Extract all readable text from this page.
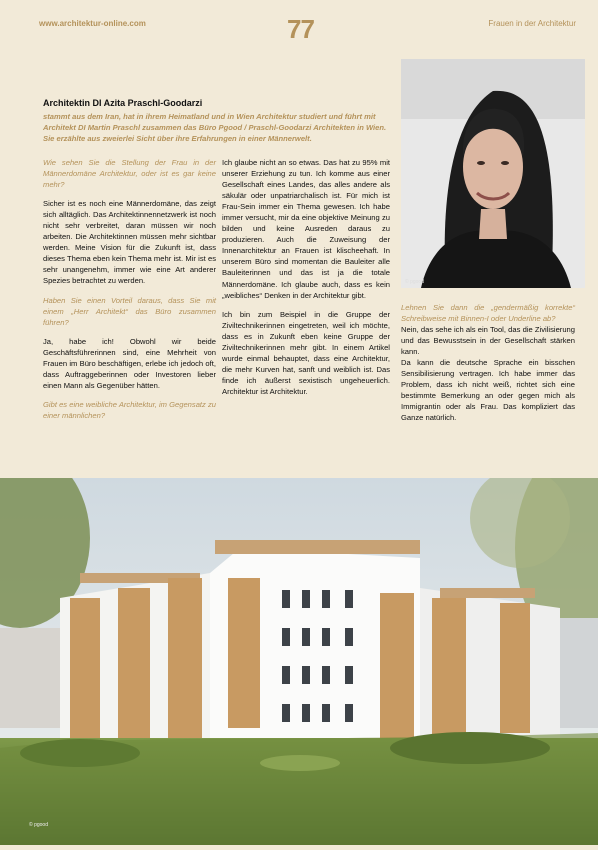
www.architektur-online.com	77	Frauen in der Architektur
© pgood
Architektin DI Azita Praschl-Goodarzi

stammt aus dem Iran, hat in ihrem Heimatland und in Wien Architektur studiert und führt mit Architekt DI Martin Praschl zusammen das Büro Pgood / Praschl-Goodarzi Architekten in Wien. Sie erzählte aus zweierlei Sicht über ihre Erfahrungen in einer Männerwelt.

Wie sehen Sie die Stellung der Frau in der Männerdomäne Architektur, oder ist es gar keine mehr?

Sicher ist es noch eine Männerdomäne, das zeigt sich alltäglich. Das Architektinnennetzwerk ist noch nicht sehr verbreitet, daran müssen wir noch arbeiten. Die Architektinnen müssen mehr sichtbar werden. Meine Vision für die Zukunft ist, dass dieses Thema eben kein Thema mehr ist. Mir ist es sehr unangenehm, immer wie eine Art anderer Spezies betrachtet zu werden.

Haben Sie einen Vorteil daraus, dass Sie mit einem „Herr Architekt“ das Büro zusammen führen?

Ja, habe ich! Obwohl wir beide Geschäftsführerinnen sind, eine Mehrheit von Frauen im Büro beschäftigen, erlebe ich jedoch oft, dass Auftraggeberinnen oder Investoren lieber einen Mann als Gegenüber hätten.

Gibt es eine weibliche Architektur, im Gegensatz zu einer männlichen?

Ich glaube nicht an so etwas. Das hat zu 95% mit unserer Erziehung zu tun. Ich komme aus einer Gesellschaft eines Landes, das alles andere als säkulär oder unpatriarchalisch ist. Für mich ist Frau-Sein immer ein Thema gewesen. Ich habe immer versucht, mir da eine objektive Meinung zu bilden und keine Ausreden daraus zu produzieren. Auch die Zuweisung der Innenarchitektur an Frauen ist klischeehaft. In unserem Büro sind momentan die Bauleiter alle Bauleiterinnen und das ist ja die totale Männerdomäne. Ich glaube auch, dass es kein „weibliches“ Denken in der Architektur gibt.

Ich bin zum Beispiel in die Gruppe der Ziviltechnikerinnen eingetreten, weil ich möchte, dass es in Zukunft eben keine Gruppe der Ziviltechnikerinnen mehr gibt. In einem Artikel wurde einmal behauptet, dass eine Architektur, die mehr Kurven hat, sanft und weiblich ist. Das finde ich äußerst sexistisch ungeheuerlich. Architektur ist Architektur.

Lehnen Sie dann die „gendermäßig korrekte“ Schreibweise mit Binnen-I oder Underline ab?

Nein, das sehe ich als ein Tool, das die Zivilisierung und das Bewusstsein in der Gesellschaft stärken kann.

Da kann die deutsche Sprache ein bisschen Sensibilisierung vertragen. Ich habe immer das Problem, dass ich nicht weiß, richtet sich eine bestimmte Bemerkung an oder gegen mich als Immigrantin oder als Frau. Das kompliziert das Ganze natürlich.

© pgood
